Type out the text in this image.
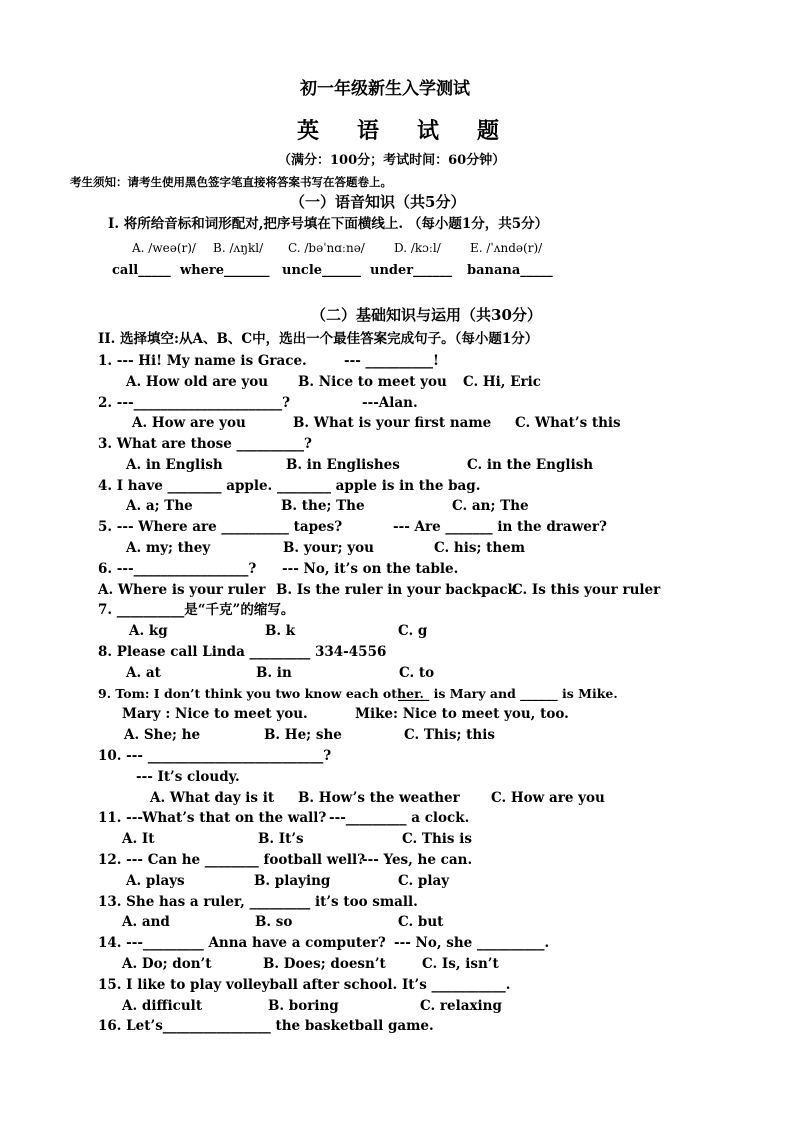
初一年级新生入学测试
英 语 试 题
（满分：100分；考试时间：60分钟）
考生须知：请考生使用黑色签字笔直接将答案书写在答题卷上。
（一）语音知识（共5分）
I. 将所给音标和词形配对,把序号填在下面横线上. （每小题1分，共5分）
A. /weə(r)/ B. /ʌŋkl/ C. /bəˈnɑːnə/ D. /kɔːl/ E. /ˈʌndə(r)/
call_____ where_______ uncle______ under______ banana_____
（二）基础知识与运用（共30分）
II. 选择填空:从A、B、C中，选出一个最佳答案完成句子。（每小题1分）
1. --- Hi! My name is Grace.	--- __________!
A. How old are you B. Nice to meet you C. Hi, Eric
2. ---______________________?	---Alan.
A. How are you	B. What is your first name C. What’s this
3. What are those __________?
A. in English	B. in Englishes	C. in the English
4. I have ________ apple. ________ apple is in the bag.
A. a; The	B. the; The	C. an; The
5. --- Where are __________ tapes?	--- Are _______ in the drawer?
A. my; they	B. your; you	C. his; them
6. ---_________________? --- No, it’s on the table.
A. Where is your ruler B. Is the ruler in your backpack
C. Is this your ruler
7. __________是“千克”的缩写。
A. kg	B. k	C. g
8. Please call Linda _________ 334-4556
A. at	B. in	C. to
9. Tom: I don’t think you two know each other.
_____ is Mary and ______ is Mike.
Mary : Nice to meet you.	Mike: Nice to meet you, too.
A. She; he	B. He; she	C. This; this
10. --- __________________________?
--- It’s cloudy.
A. What day is it B. How’s the weather C. How are you
11. ---What’s that on the wall? ---_________ a clock.
A. It	B. It’s	C. This is
12. --- Can he ________ football well?
--- Yes, he can.
A. plays	B. playing	C. play
13. She has a ruler, _________ it’s too small.
A. and	B. so	C. but
14. ---_________ Anna have a computer? --- No, she __________.
A. Do; don’t	B. Does; doesn’t	C. Is, isn’t
15. I like to play volleyball after school. It’s ___________.
A. difficult	B. boring	C. relaxing
16. Let’s________________ the basketball game.
